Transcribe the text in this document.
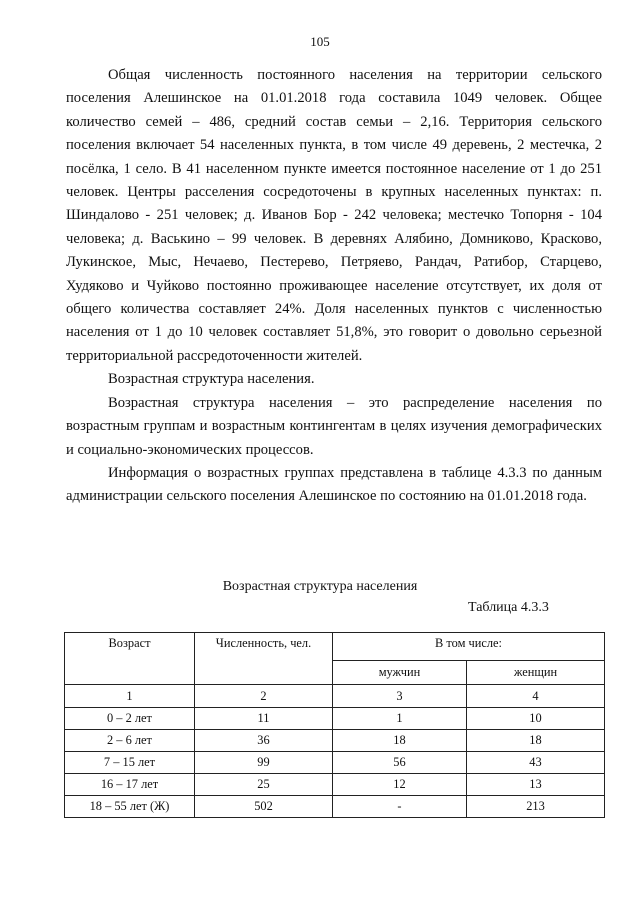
105

Общая численность постоянного населения на территории сельского поселения Алешинское на 01.01.2018 года составила 1049 человек. Общее количество семей – 486, средний состав семьи – 2,16. Территория сельского поселения включает 54 населенных пункта, в том числе 49 деревень, 2 местечка, 2 посёлка, 1 село. В 41 населенном пункте имеется постоянное население от 1 до 251 человек. Центры расселения сосредоточены в крупных населенных пунктах: п. Шиндалово - 251 человек; д. Иванов Бор - 242 человека; местечко Топорня - 104 человека; д. Васькино – 99 человек. В деревнях Алябино, Домниково, Красково, Лукинское, Мыс, Нечаево, Пестерево, Петряево, Рандач, Ратибор, Старцево, Худяково и Чуйково постоянно проживающее население отсутствует, их доля от общего количества составляет 24%. Доля населенных пунктов с численностью населения от 1 до 10 человек составляет 51,8%, это говорит о довольно серьезной территориальной рассредоточенности жителей.

Возрастная структура населения.

Возрастная структура населения – это распределение населения по возрастным группам и возрастным контингентам в целях изучения демографических и социально-экономических процессов.

Информация о возрастных группах представлена в таблице 4.3.3 по данным администрации сельского поселения Алешинское по состоянию на 01.01.2018 года.

Возрастная структура населения
Таблица 4.3.3
Возраст	Численность, чел.	В том числе:	
		мужчин	женщин
1	2	3	4
0 – 2 лет	11	1	10
2 – 6 лет	36	18	18
7 – 15 лет	99	56	43
16 – 17 лет	25	12	13
18 – 55 лет (Ж)	502	-	213
